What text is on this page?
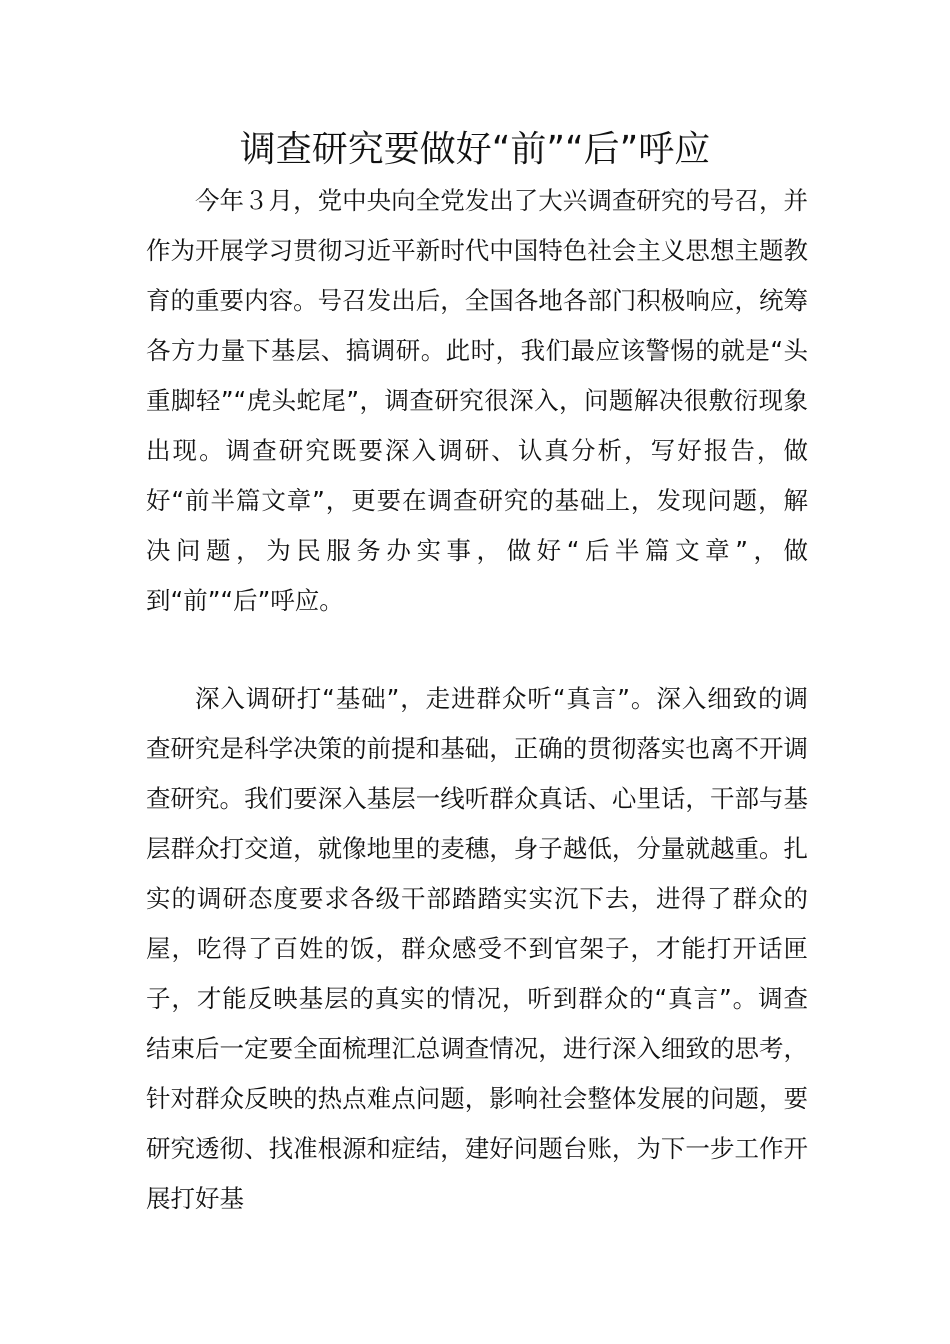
调查研究要做好“前”“后”呼应

今年３月，党中央向全党发出了大兴调查研究的号召，并作为开展学习贯彻习近平新时代中国特色社会主义思想主题教育的重要内容。号召发出后，全国各地各部门积极响应，统筹各方力量下基层、搞调研。此时，我们最应该警惕的就是“头重脚轻”“虎头蛇尾”，调查研究很深入，问题解决很敷衍现象出现。调查研究既要深入调研、认真分析，写好报告，做好“前半篇文章”，更要在调查研究的基础上，发现问题，解决问题，为民服务办实事，做好“后半篇文章”，做到“前”“后”呼应。

深入调研打“基础”，走进群众听“真言”。深入细致的调查研究是科学决策的前提和基础，正确的贯彻落实也离不开调查研究。我们要深入基层一线听群众真话、心里话，干部与基层群众打交道，就像地里的麦穗，身子越低，分量就越重。扎实的调研态度要求各级干部踏踏实实沉下去，进得了群众的屋，吃得了百姓的饭，群众感受不到官架子，才能打开话匣子，才能反映基层的真实的情况，听到群众的“真言”。调查结束后一定要全面梳理汇总调查情况，进行深入细致的思考，针对群众反映的热点难点问题，影响社会整体发展的问题，要研究透彻、找准根源和症结，建好问题台账，为下一步工作开展打好基
